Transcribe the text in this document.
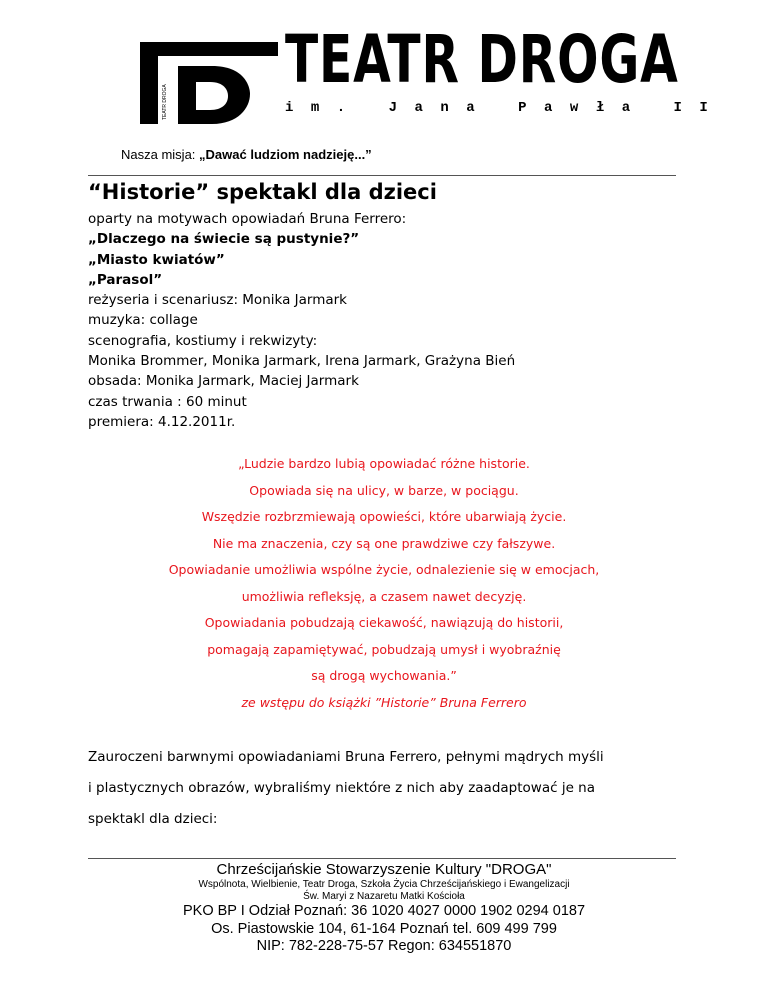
TEATR DROGA
TEATR DROGA
im. Jana Pawła II
Nasza misja: „Dawać ludziom nadzieję...”
“Historie” spektakl dla dzieci
oparty na motywach opowiadań Bruna Ferrero:
„Dlaczego na świecie są pustynie?”
„Miasto kwiatów”
„Parasol”
reżyseria i scenariusz: Monika Jarmark
muzyka: collage
scenografia, kostiumy i rekwizyty:
Monika Brommer, Monika Jarmark, Irena Jarmark, Grażyna Bień
obsada: Monika Jarmark, Maciej Jarmark
czas trwania : 60 minut
premiera: 4.12.2011r.
„Ludzie bardzo lubią opowiadać różne historie.
Opowiada się na ulicy, w barze, w pociągu.
Wszędzie rozbrzmiewają opowieści, które ubarwiają życie.
Nie ma znaczenia, czy są one prawdziwe czy fałszywe.
Opowiadanie umożliwia wspólne życie, odnalezienie się w emocjach,
umożliwia refleksję, a czasem nawet decyzję.
Opowiadania pobudzają ciekawość, nawiązują do historii,
pomagają zapamiętywać, pobudzają umysł i wyobraźnię
są drogą wychowania.”
ze wstępu do książki ”Historie” Bruna Ferrero
Zauroczeni barwnymi opowiadaniami Bruna Ferrero, pełnymi mądrych myśli
i plastycznych obrazów, wybraliśmy niektóre z nich aby zaadaptować je na
spektakl dla dzieci:
Chrześcijańskie Stowarzyszenie Kultury "DROGA"
Wspólnota, Wielbienie, Teatr Droga, Szkoła Życia Chrześcijańskiego i Ewangelizacji
Św. Maryi z Nazaretu Matki Kościoła
PKO BP I Odział Poznań: 36 1020 4027 0000 1902 0294 0187
Os. Piastowskie 104, 61-164 Poznań tel. 609 499 799
NIP: 782-228-75-57 Regon: 634551870
